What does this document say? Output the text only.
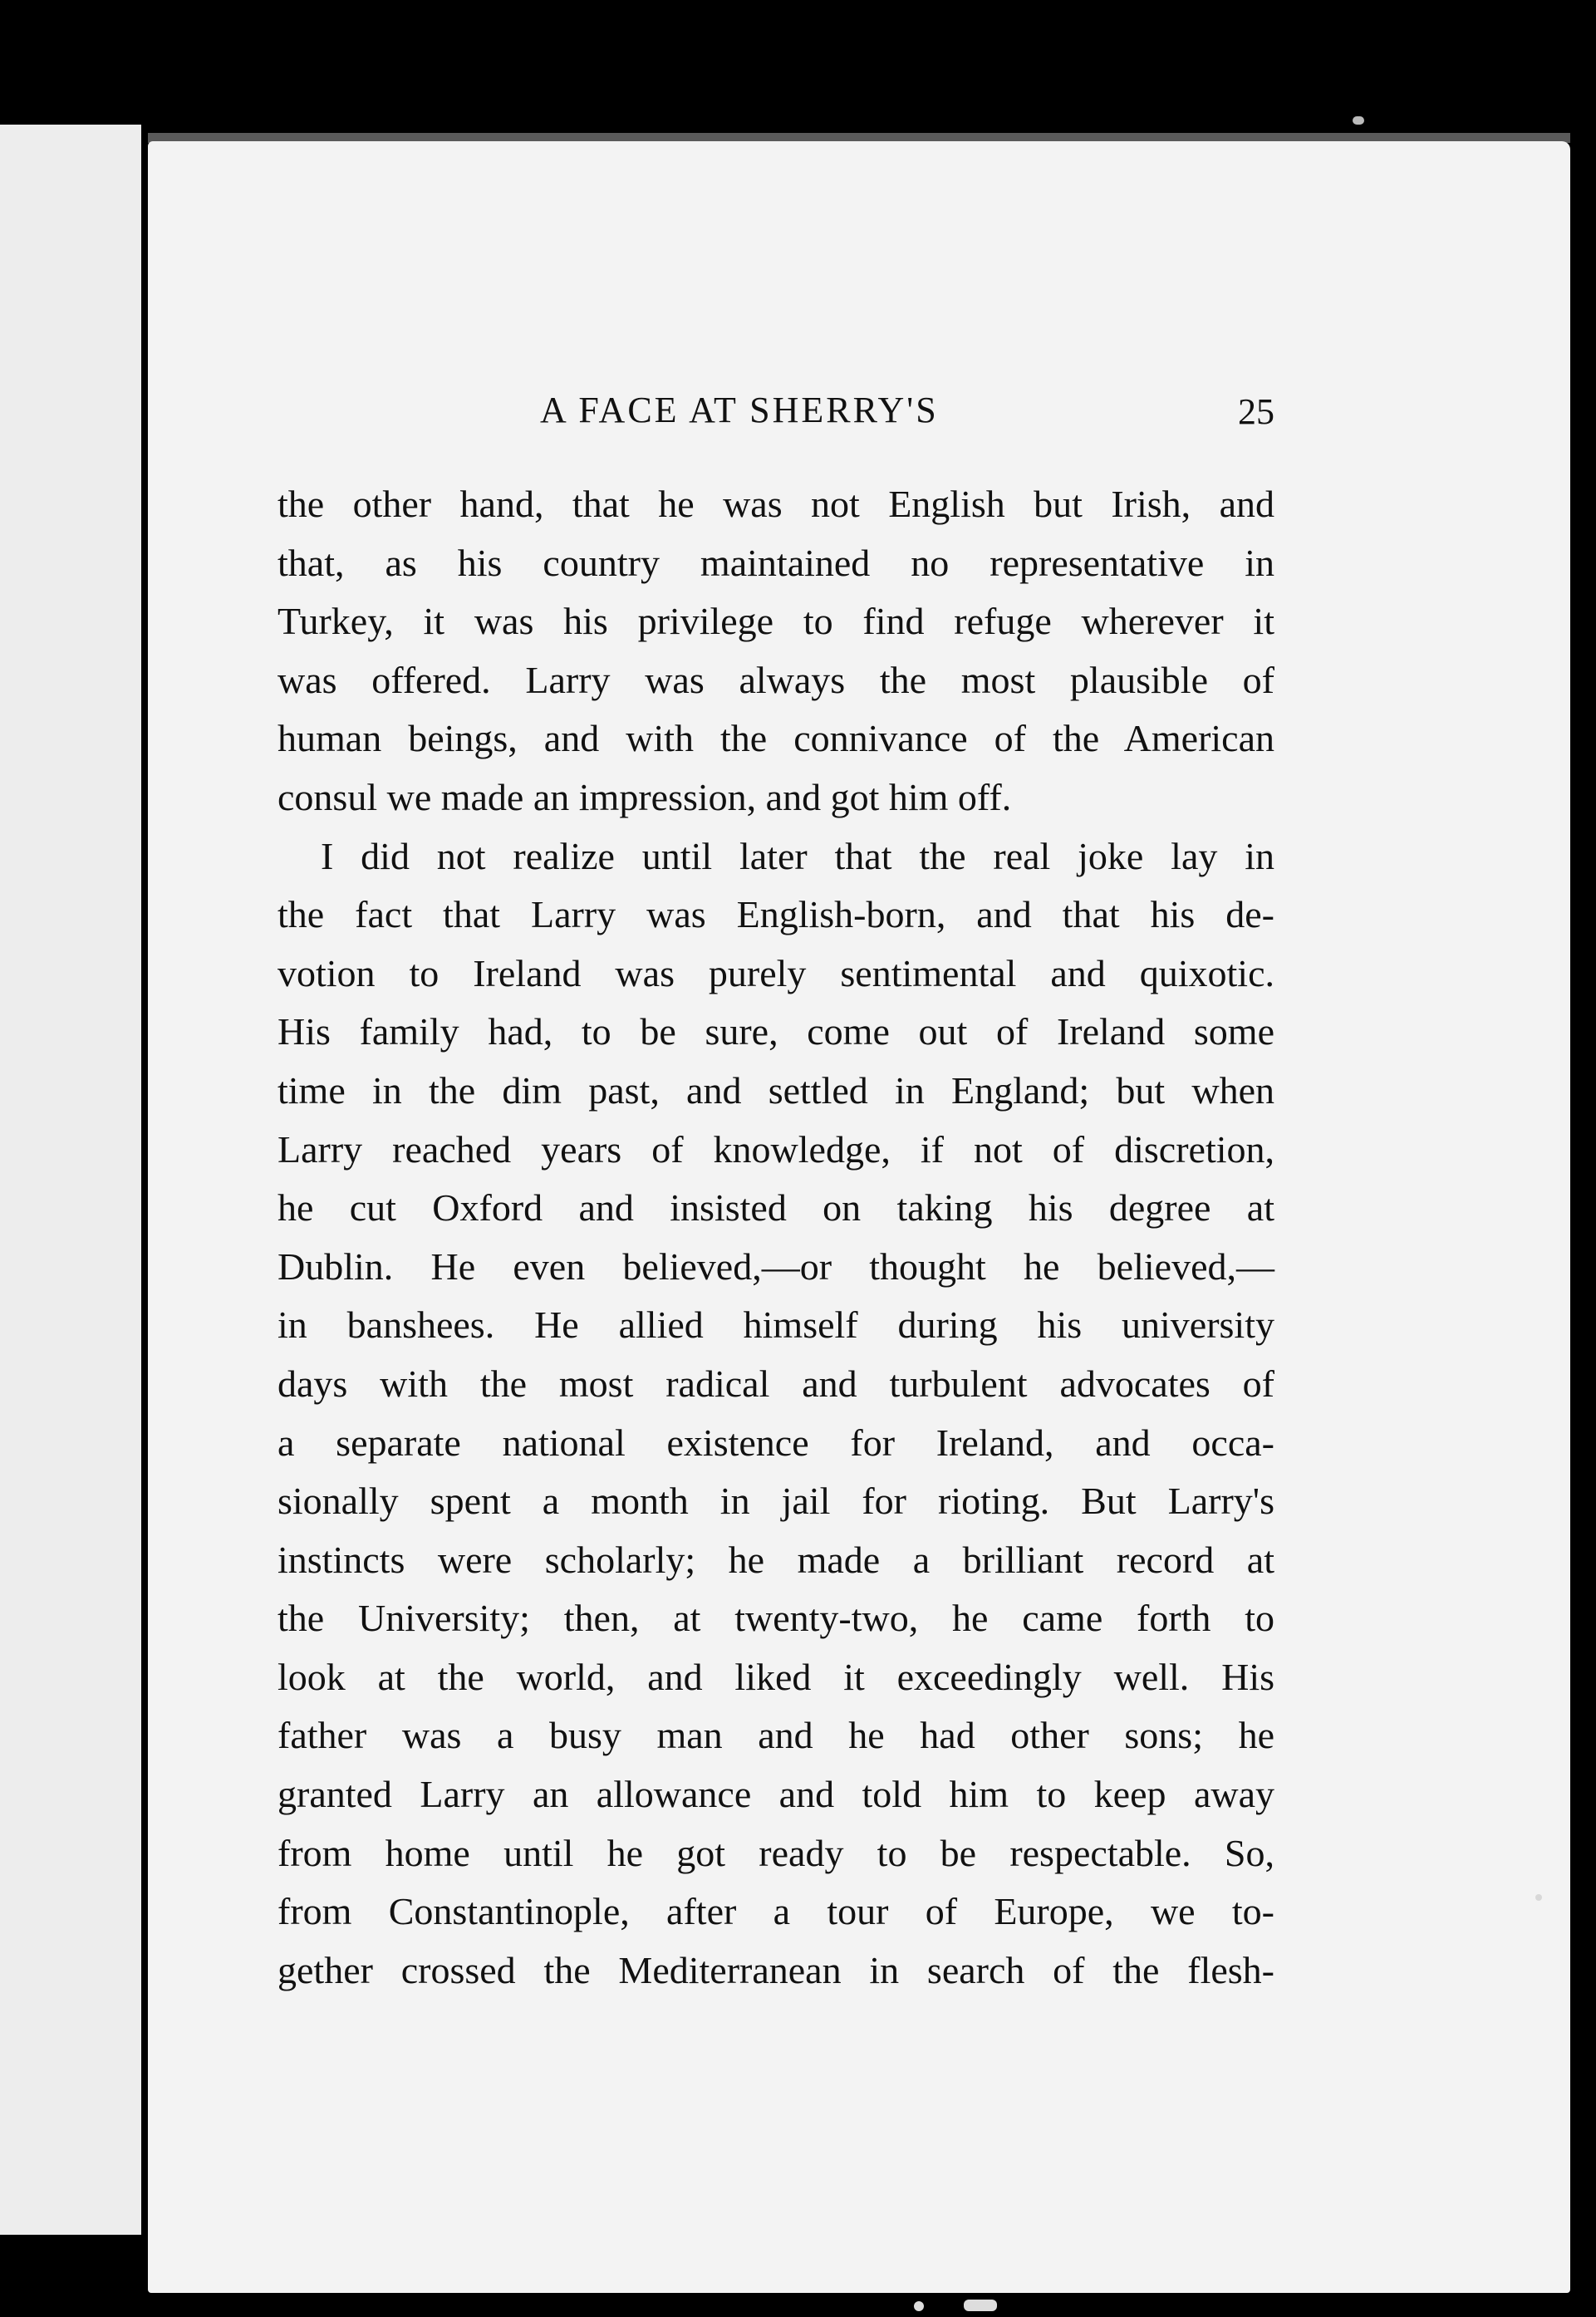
A FACE AT SHERRY'S	25
the other hand, that he was not English but Irish, and
that, as his country maintained no representative in
Turkey, it was his privilege to find refuge wherever it
was offered. Larry was always the most plausible of
human beings, and with the connivance of the American
consul we made an impression, and got him off.
I did not realize until later that the real joke lay in
the fact that Larry was English-born, and that his de-
votion to Ireland was purely sentimental and quixotic.
His family had, to be sure, come out of Ireland some
time in the dim past, and settled in England; but when
Larry reached years of knowledge, if not of discretion,
he cut Oxford and insisted on taking his degree at
Dublin. He even believed,—or thought he believed,—
in banshees. He allied himself during his university
days with the most radical and turbulent advocates of
a separate national existence for Ireland, and occa-
sionally spent a month in jail for rioting. But Larry's
instincts were scholarly; he made a brilliant record at
the University; then, at twenty-two, he came forth to
look at the world, and liked it exceedingly well. His
father was a busy man and he had other sons; he
granted Larry an allowance and told him to keep away
from home until he got ready to be respectable. So,
from Constantinople, after a tour of Europe, we to-
gether crossed the Mediterranean in search of the flesh-
